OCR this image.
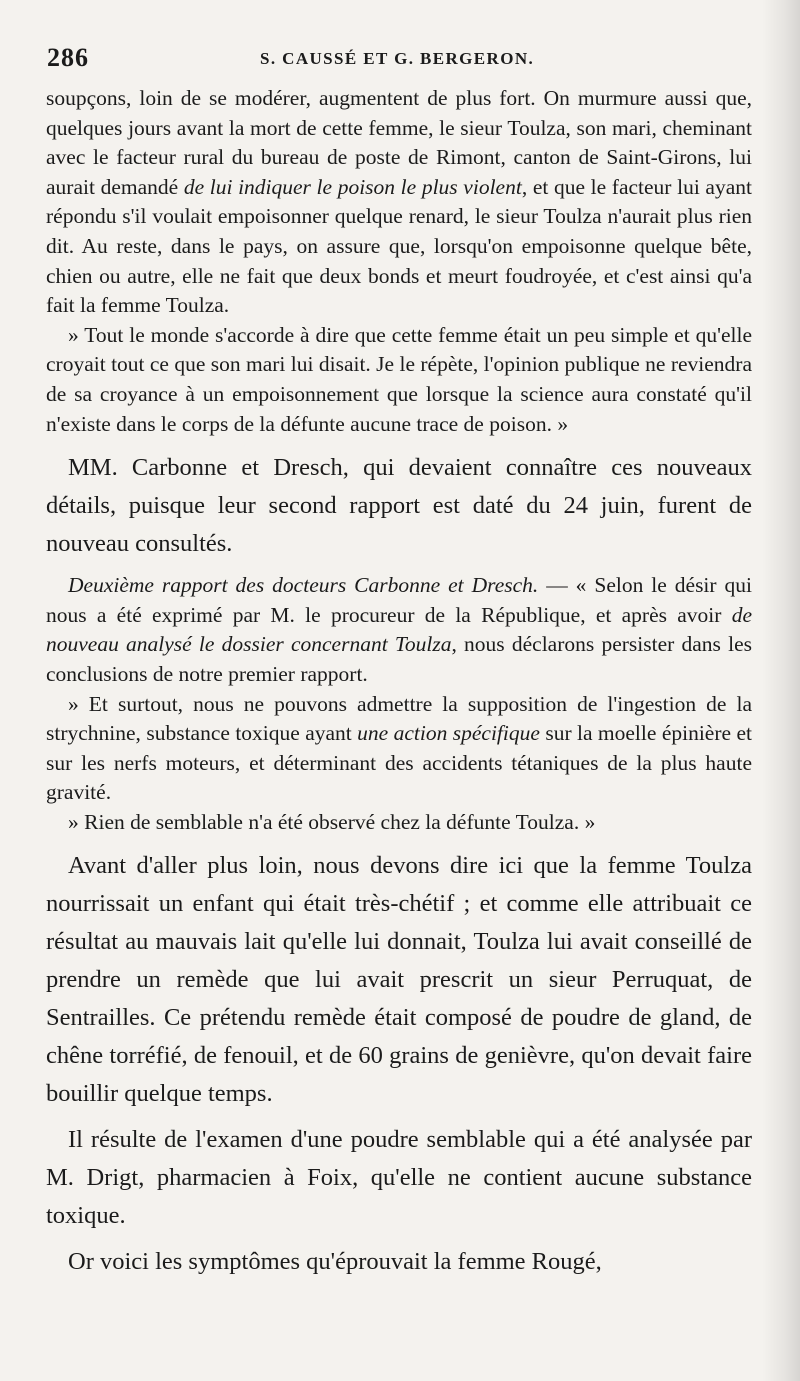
286	S. CAUSSÉ ET G. BERGERON.

soupçons, loin de se modérer, augmentent de plus fort. On murmure aussi que, quelques jours avant la mort de cette femme, le sieur Toulza, son mari, cheminant avec le facteur rural du bureau de poste de Rimont, canton de Saint-Girons, lui aurait demandé de lui indiquer le poison le plus violent, et que le facteur lui ayant répondu s'il voulait empoisonner quelque renard, le sieur Toulza n'aurait plus rien dit. Au reste, dans le pays, on assure que, lorsqu'on empoisonne quelque bête, chien ou autre, elle ne fait que deux bonds et meurt foudroyée, et c'est ainsi qu'a fait la femme Toulza.

» Tout le monde s'accorde à dire que cette femme était un peu simple et qu'elle croyait tout ce que son mari lui disait. Je le répète, l'opinion publique ne reviendra de sa croyance à un empoisonnement que lorsque la science aura constaté qu'il n'existe dans le corps de la défunte aucune trace de poison. »

MM. Carbonne et Dresch, qui devaient connaître ces nouveaux détails, puisque leur second rapport est daté du 24 juin, furent de nouveau consultés.

Deuxième rapport des docteurs Carbonne et Dresch. — « Selon le désir qui nous a été exprimé par M. le procureur de la République, et après avoir de nouveau analysé le dossier concernant Toulza, nous déclarons persister dans les conclusions de notre premier rapport.

» Et surtout, nous ne pouvons admettre la supposition de l'ingestion de la strychnine, substance toxique ayant une action spécifique sur la moelle épinière et sur les nerfs moteurs, et déterminant des accidents tétaniques de la plus haute gravité.

» Rien de semblable n'a été observé chez la défunte Toulza. »

Avant d'aller plus loin, nous devons dire ici que la femme Toulza nourrissait un enfant qui était très-chétif ; et comme elle attribuait ce résultat au mauvais lait qu'elle lui donnait, Toulza lui avait conseillé de prendre un remède que lui avait prescrit un sieur Perruquat, de Sentrailles. Ce prétendu remède était composé de poudre de gland, de chêne torréfié, de fenouil, et de 60 grains de genièvre, qu'on devait faire bouillir quelque temps.

Il résulte de l'examen d'une poudre semblable qui a été analysée par M. Drigt, pharmacien à Foix, qu'elle ne contient aucune substance toxique.

Or voici les symptômes qu'éprouvait la femme Rougé,
